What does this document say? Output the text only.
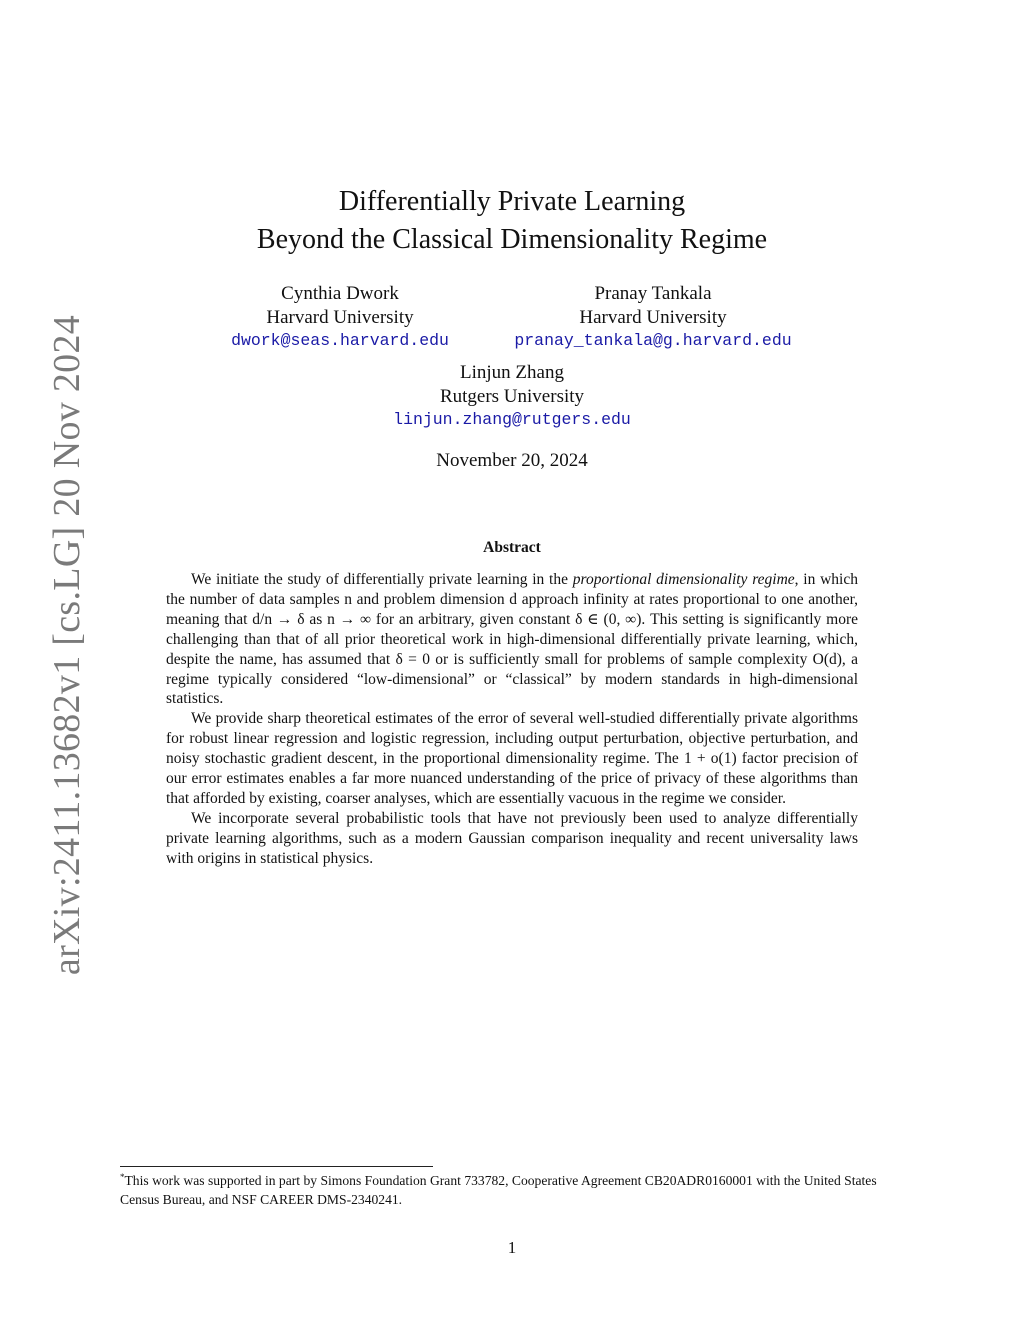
arXiv:2411.13682v1 [cs.LG] 20 Nov 2024
Differentially Private Learning
Beyond the Classical Dimensionality Regime
Cynthia Dwork
Harvard University
dwork@seas.harvard.edu
Pranay Tankala
Harvard University
pranay_tankala@g.harvard.edu
Linjun Zhang
Rutgers University
linjun.zhang@rutgers.edu
November 20, 2024
Abstract

We initiate the study of differentially private learning in the proportional dimensionality regime, in which the number of data samples n and problem dimension d approach infinity at rates proportional to one another, meaning that d/n → δ as n → ∞ for an arbitrary, given constant δ ∈ (0, ∞). This setting is significantly more challenging than that of all prior theoretical work in high-dimensional differentially private learning, which, despite the name, has assumed that δ = 0 or is sufficiently small for problems of sample complexity O(d), a regime typically considered “low-dimensional” or “classical” by modern standards in high-dimensional statistics.

We provide sharp theoretical estimates of the error of several well-studied differentially private algorithms for robust linear regression and logistic regression, including output perturbation, objective perturbation, and noisy stochastic gradient descent, in the proportional dimensionality regime. The 1 + o(1) factor precision of our error estimates enables a far more nuanced understanding of the price of privacy of these algorithms than that afforded by existing, coarser analyses, which are essentially vacuous in the regime we consider.

We incorporate several probabilistic tools that have not previously been used to analyze differentially private learning algorithms, such as a modern Gaussian comparison inequality and recent universality laws with origins in statistical physics.

*This work was supported in part by Simons Foundation Grant 733782, Cooperative Agreement CB20ADR0160001 with the United States Census Bureau, and NSF CAREER DMS-2340241.
1
